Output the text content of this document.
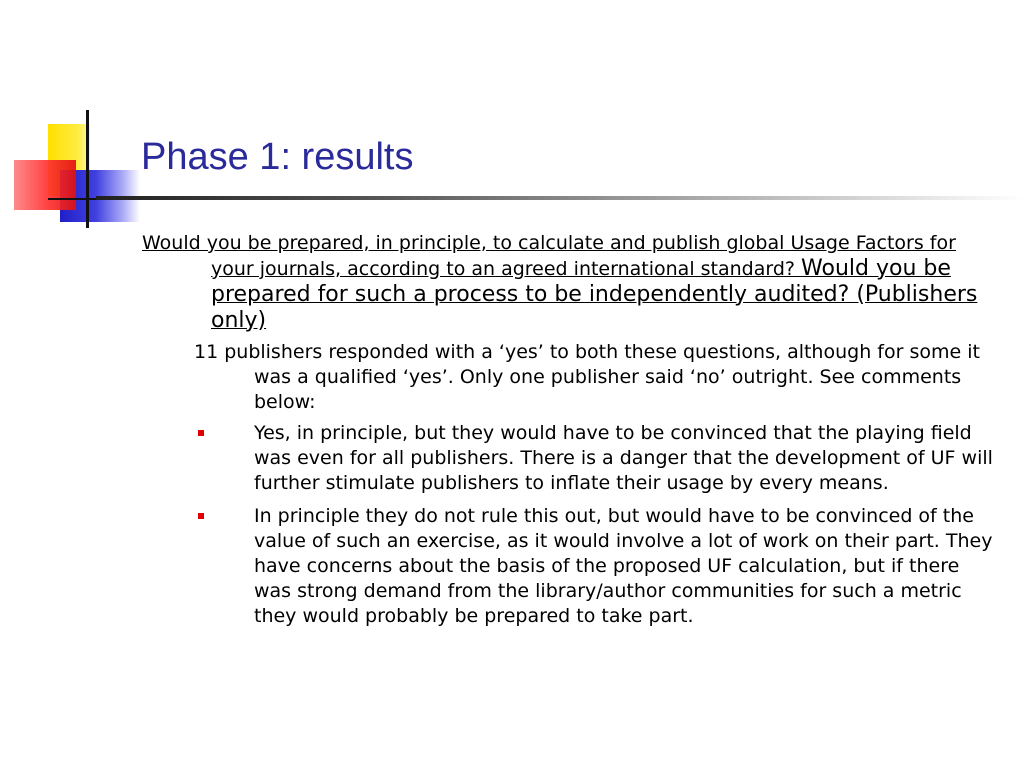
Phase 1: results

Would you be prepared, in principle, to calculate and publish global Usage Factors for your journals, according to an agreed international standard? Would you be prepared for such a process to be independently audited? (Publishers only)

11 publishers responded with a ‘yes’ to both these questions, although for some it was a qualified ‘yes’. Only one publisher said ‘no’ outright. See comments below:

Yes, in principle, but they would have to be convinced that the playing field was even for all publishers. There is a danger that the development of UF will further stimulate publishers to inflate their usage by every means.
In principle they do not rule this out, but would have to be convinced of the value of such an exercise, as it would involve a lot of work on their part. They have concerns about the basis of the proposed UF calculation, but if there was strong demand from the library/author communities for such a metric they would probably be prepared to take part.
